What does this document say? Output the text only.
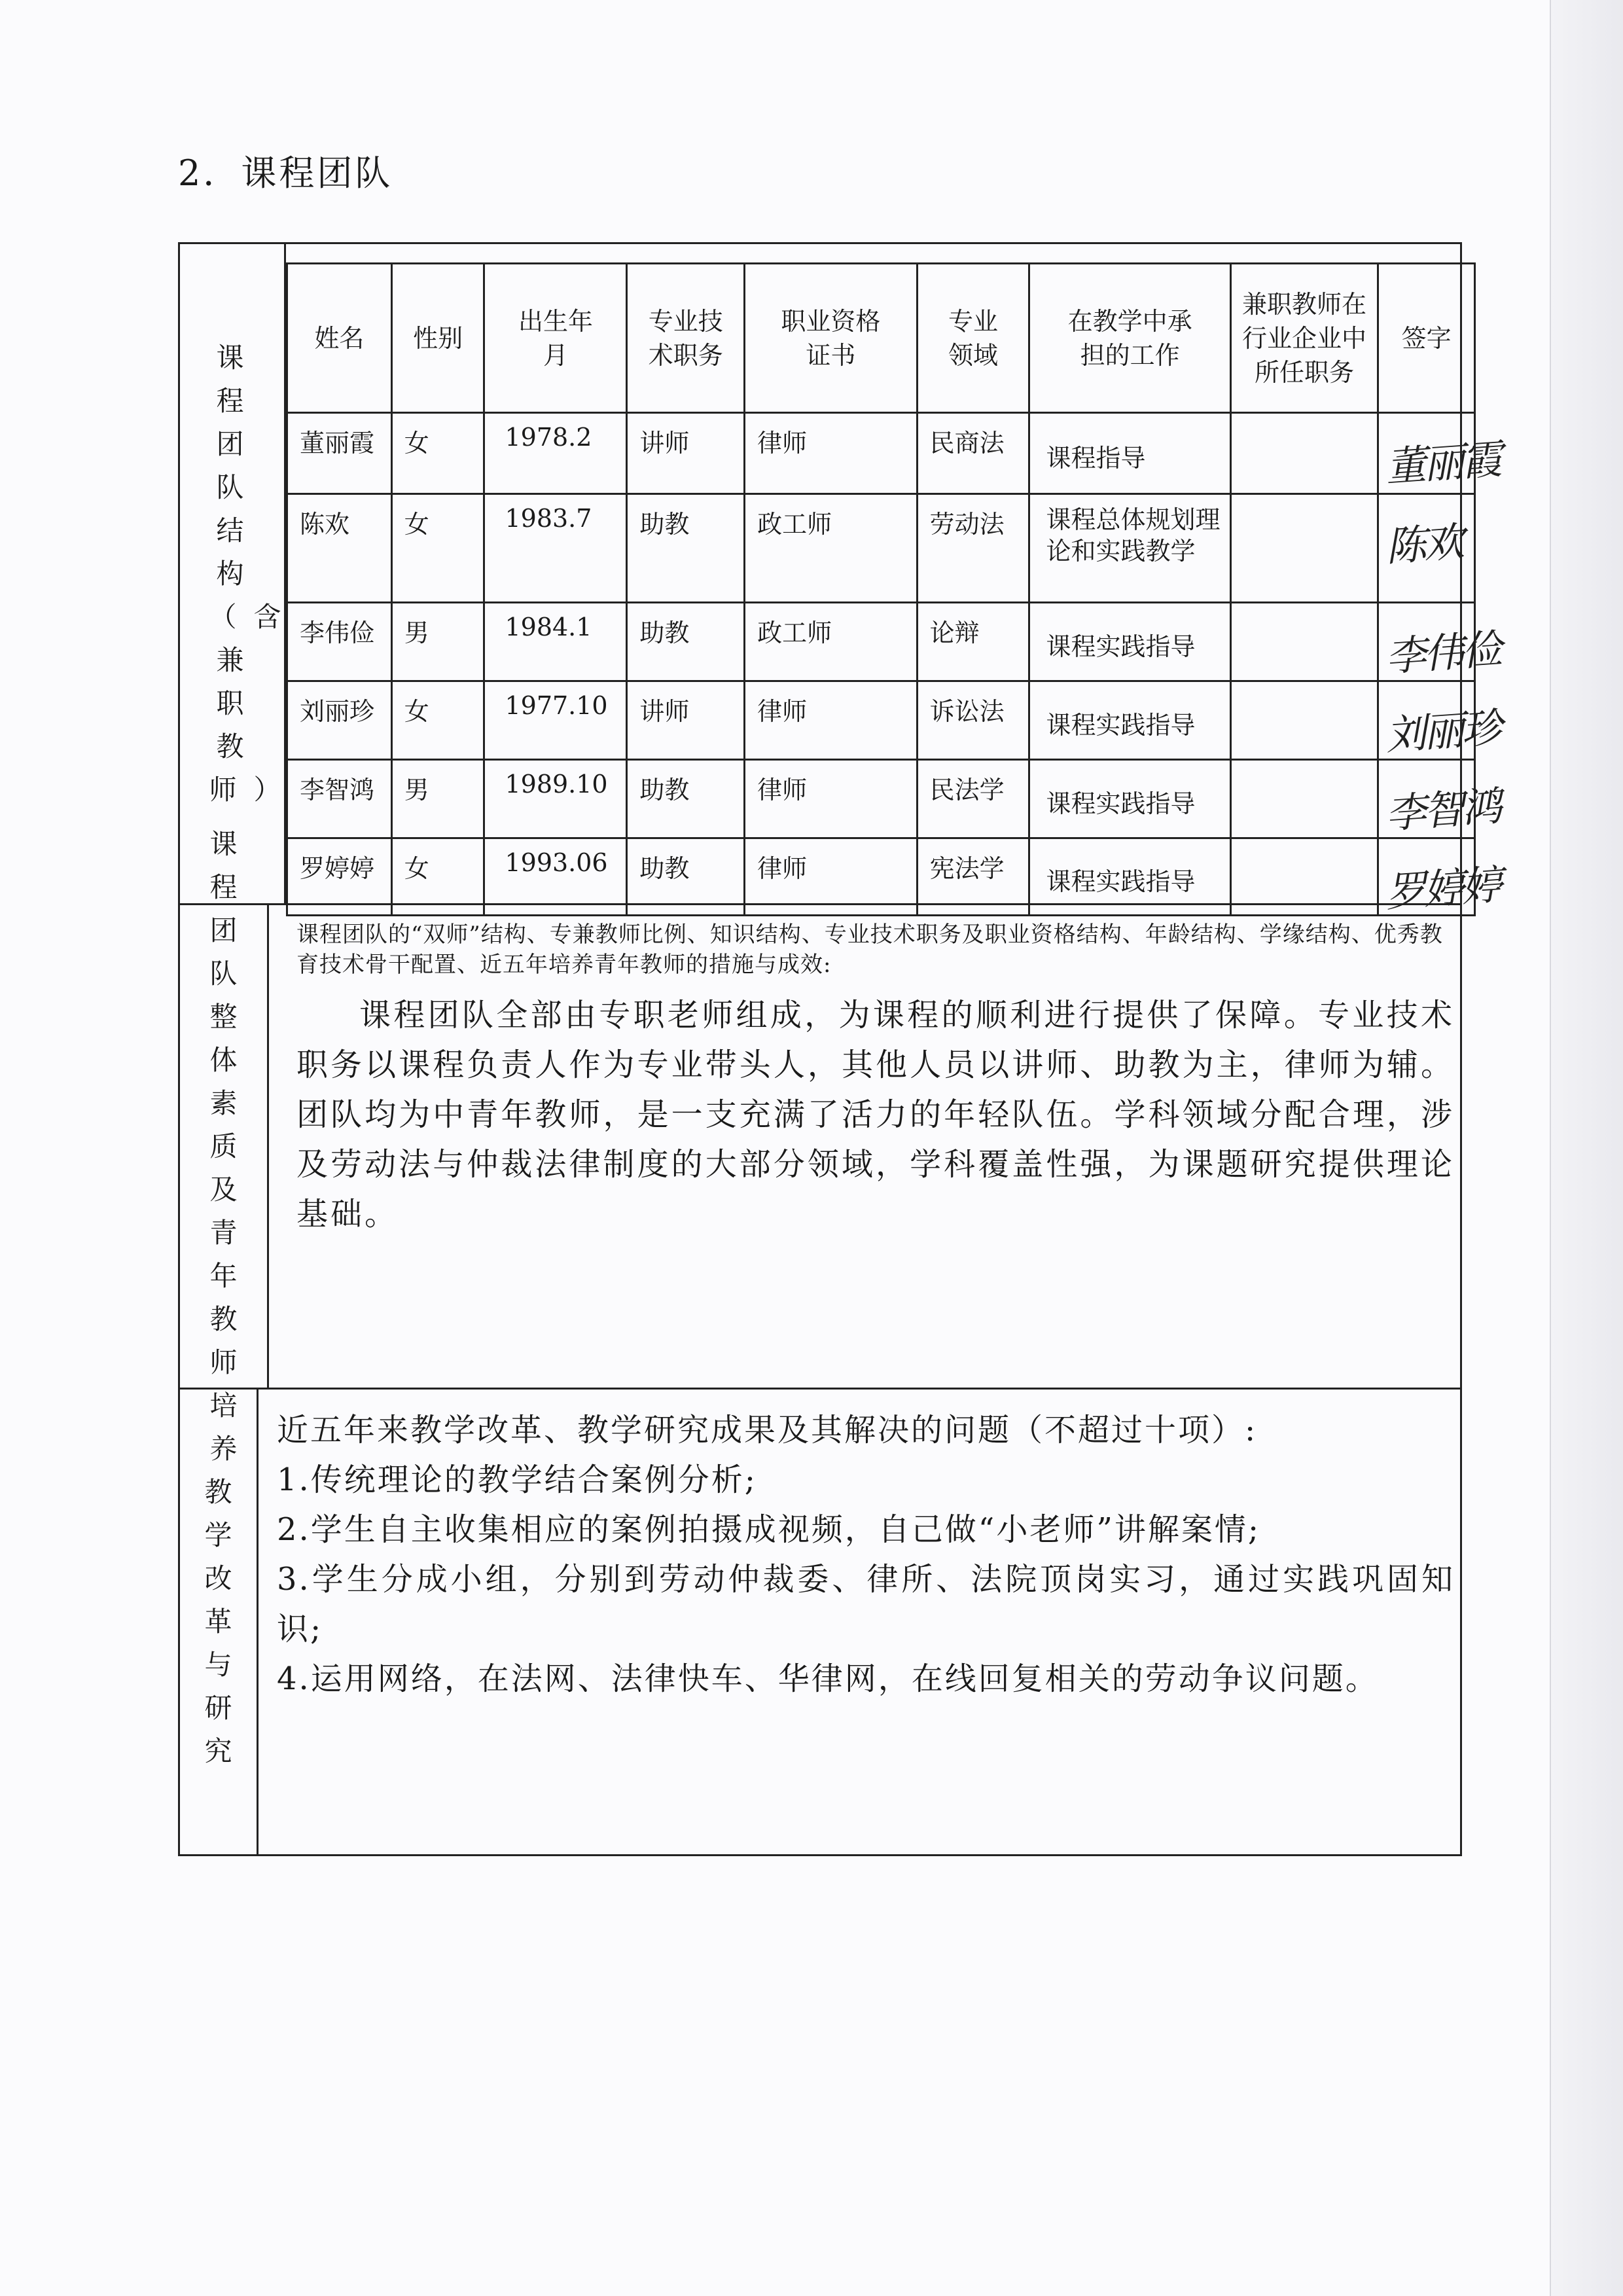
2．课程团队
课程团队结构（含兼职教师）
姓名	性别	出生年月	专业技术职务	职业资格证书	专业领域	在教学中承担的工作	兼职教师在行业企业中所任职务	签字
董丽霞	女	1978.2	讲师	律师	民商法	课程指导		董丽霞

陈欢	女	1983.7	助教	政工师	劳动法	课程总体规划理论和实践教学		陈欢

李伟俭	男	1984.1	助教	政工师	论辩	课程实践指导		李伟俭

刘丽珍	女	1977.10	讲师	律师	诉讼法	课程实践指导		刘丽珍

李智鸿	男	1989.10	助教	律师	民法学	课程实践指导		李智鸿

罗婷婷	女	1993.06	助教	律师	宪法学	课程实践指导		罗婷婷
课程团队整体素质及青年教师培养
课程团队的“双师”结构、专兼教师比例、知识结构、专业技术职务及职业资格结构、年龄结构、学缘结构、优秀教育技术骨干配置、近五年培养青年教师的措施与成效:
课程团队全部由专职老师组成，为课程的顺利进行提供了保障。专业技术职务以课程负责人作为专业带头人，其他人员以讲师、助教为主，律师为辅。团队均为中青年教师，是一支充满了活力的年轻队伍。学科领域分配合理，涉及劳动法与仲裁法律制度的大部分领域，学科覆盖性强，为课题研究提供理论基础。
教学改革与研究

近五年来教学改革、教学研究成果及其解决的问题（不超过十项）:

1.传统理论的教学结合案例分析;

2.学生自主收集相应的案例拍摄成视频，自己做“小老师”讲解案情;

3.学生分成小组，分别到劳动仲裁委、律所、法院顶岗实习，通过实践巩固知识;

4.运用网络，在法网、法律快车、华律网，在线回复相关的劳动争议问题。
